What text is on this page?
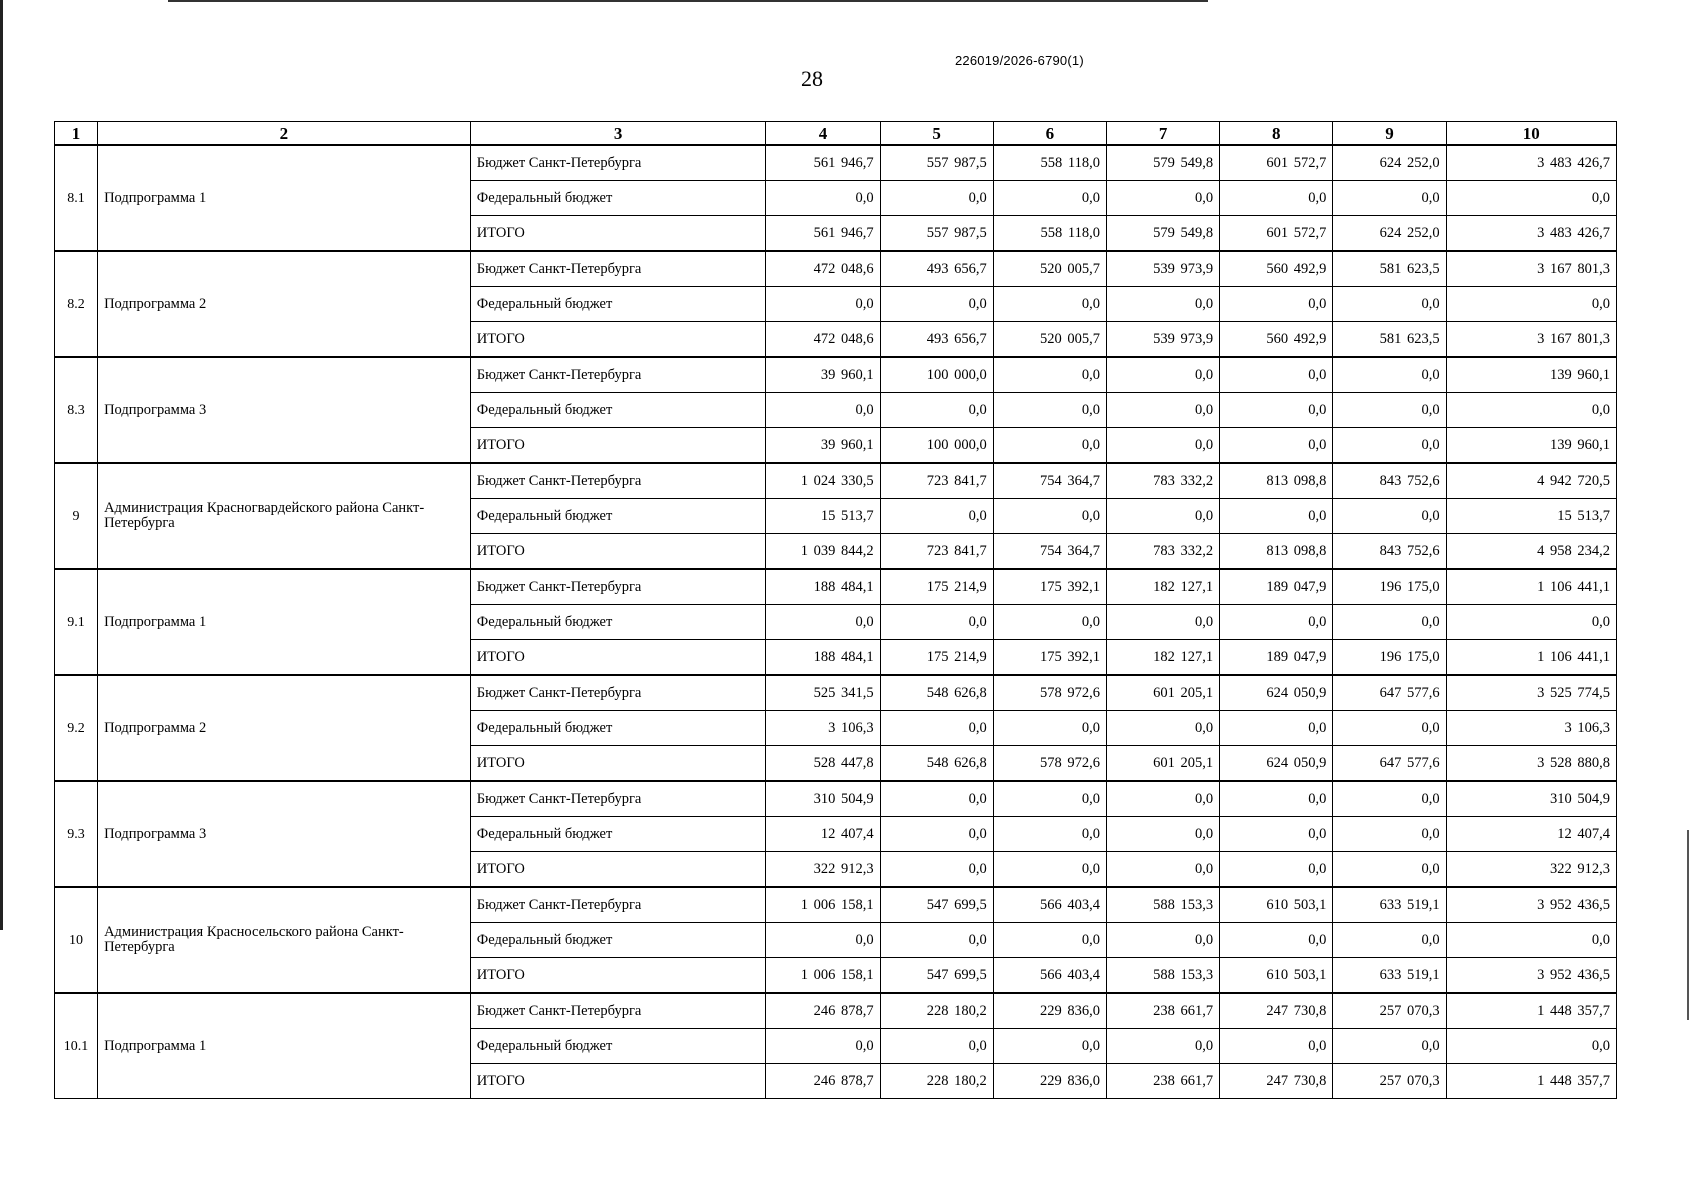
226019/2026-6790(1)
28
1	2	3	4	5	6	7	8	9	10
8.1	Подпрограмма 1	Бюджет Санкт-Петербурга	561 946,7	557 987,5	558 118,0	579 549,8	601 572,7	624 252,0	3 483 426,7
		Федеральный бюджет	0,0	0,0	0,0	0,0	0,0	0,0	0,0
		ИТОГО	561 946,7	557 987,5	558 118,0	579 549,8	601 572,7	624 252,0	3 483 426,7
8.2	Подпрограмма 2	Бюджет Санкт-Петербурга	472 048,6	493 656,7	520 005,7	539 973,9	560 492,9	581 623,5	3 167 801,3
		Федеральный бюджет	0,0	0,0	0,0	0,0	0,0	0,0	0,0
		ИТОГО	472 048,6	493 656,7	520 005,7	539 973,9	560 492,9	581 623,5	3 167 801,3
8.3	Подпрограмма 3	Бюджет Санкт-Петербурга	39 960,1	100 000,0	0,0	0,0	0,0	0,0	139 960,1
		Федеральный бюджет	0,0	0,0	0,0	0,0	0,0	0,0	0,0
		ИТОГО	39 960,1	100 000,0	0,0	0,0	0,0	0,0	139 960,1
9	Администрация Красногвардейского района Санкт-Петербурга	Бюджет Санкт-Петербурга	1 024 330,5	723 841,7	754 364,7	783 332,2	813 098,8	843 752,6	4 942 720,5
		Федеральный бюджет	15 513,7	0,0	0,0	0,0	0,0	0,0	15 513,7
		ИТОГО	1 039 844,2	723 841,7	754 364,7	783 332,2	813 098,8	843 752,6	4 958 234,2
9.1	Подпрограмма 1	Бюджет Санкт-Петербурга	188 484,1	175 214,9	175 392,1	182 127,1	189 047,9	196 175,0	1 106 441,1
		Федеральный бюджет	0,0	0,0	0,0	0,0	0,0	0,0	0,0
		ИТОГО	188 484,1	175 214,9	175 392,1	182 127,1	189 047,9	196 175,0	1 106 441,1
9.2	Подпрограмма 2	Бюджет Санкт-Петербурга	525 341,5	548 626,8	578 972,6	601 205,1	624 050,9	647 577,6	3 525 774,5
		Федеральный бюджет	3 106,3	0,0	0,0	0,0	0,0	0,0	3 106,3
		ИТОГО	528 447,8	548 626,8	578 972,6	601 205,1	624 050,9	647 577,6	3 528 880,8
9.3	Подпрограмма 3	Бюджет Санкт-Петербурга	310 504,9	0,0	0,0	0,0	0,0	0,0	310 504,9
		Федеральный бюджет	12 407,4	0,0	0,0	0,0	0,0	0,0	12 407,4
		ИТОГО	322 912,3	0,0	0,0	0,0	0,0	0,0	322 912,3
10	Администрация Красносельского района Санкт-Петербурга	Бюджет Санкт-Петербурга	1 006 158,1	547 699,5	566 403,4	588 153,3	610 503,1	633 519,1	3 952 436,5
		Федеральный бюджет	0,0	0,0	0,0	0,0	0,0	0,0	0,0
		ИТОГО	1 006 158,1	547 699,5	566 403,4	588 153,3	610 503,1	633 519,1	3 952 436,5
10.1	Подпрограмма 1	Бюджет Санкт-Петербурга	246 878,7	228 180,2	229 836,0	238 661,7	247 730,8	257 070,3	1 448 357,7
		Федеральный бюджет	0,0	0,0	0,0	0,0	0,0	0,0	0,0
		ИТОГО	246 878,7	228 180,2	229 836,0	238 661,7	247 730,8	257 070,3	1 448 357,7
